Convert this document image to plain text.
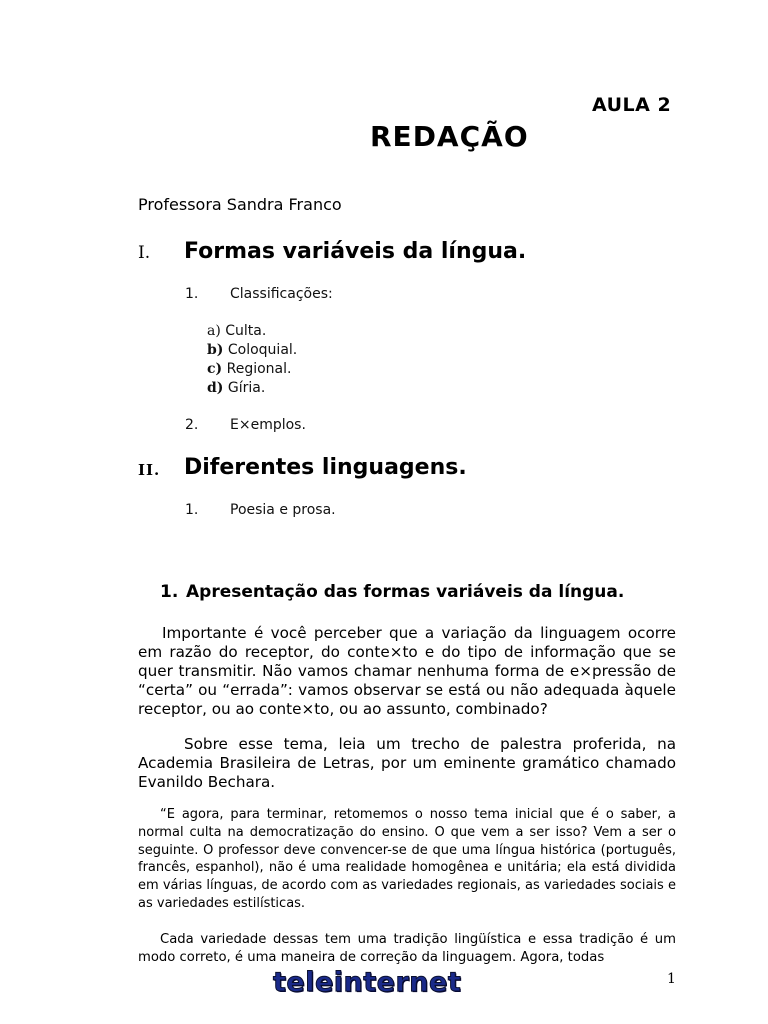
AULA 2
REDAÇÃO
Professora Sandra Franco
I. Formas variáveis da língua.
1. Classificações:
a) Culta.
b) Coloquial.
c) Regional.
d) Gíria.
2. E×emplos.
II. Diferentes linguagens.
1. Poesia e prosa.
1. Apresentação das formas variáveis da língua.
Importante é você perceber que a variação da linguagem ocorre em razão do receptor, do conte×to e do tipo de informação que se quer transmitir. Não vamos chamar nenhuma forma de e×pressão de “certa” ou “errada”: vamos observar se está ou não adequada àquele receptor, ou ao conte×to, ou ao assunto, combinado?
Sobre esse tema, leia um trecho de palestra proferida, na Academia Brasileira de Letras, por um eminente gramático chamado Evanildo Bechara.
“E agora, para terminar, retomemos o nosso tema inicial que é o saber, a normal culta na democratização do ensino. O que vem a ser isso? Vem a ser o seguinte. O professor deve convencer-se de que uma língua histórica (português, francês, espanhol), não é uma realidade homogênea e unitária; ela está dividida em várias línguas, de acordo com as variedades regionais, as variedades sociais e as variedades estilísticas.
Cada variedade dessas tem uma tradição lingüística e essa tradição é um modo correto, é uma maneira de correção da linguagem. Agora, todas
teleinternet	1
